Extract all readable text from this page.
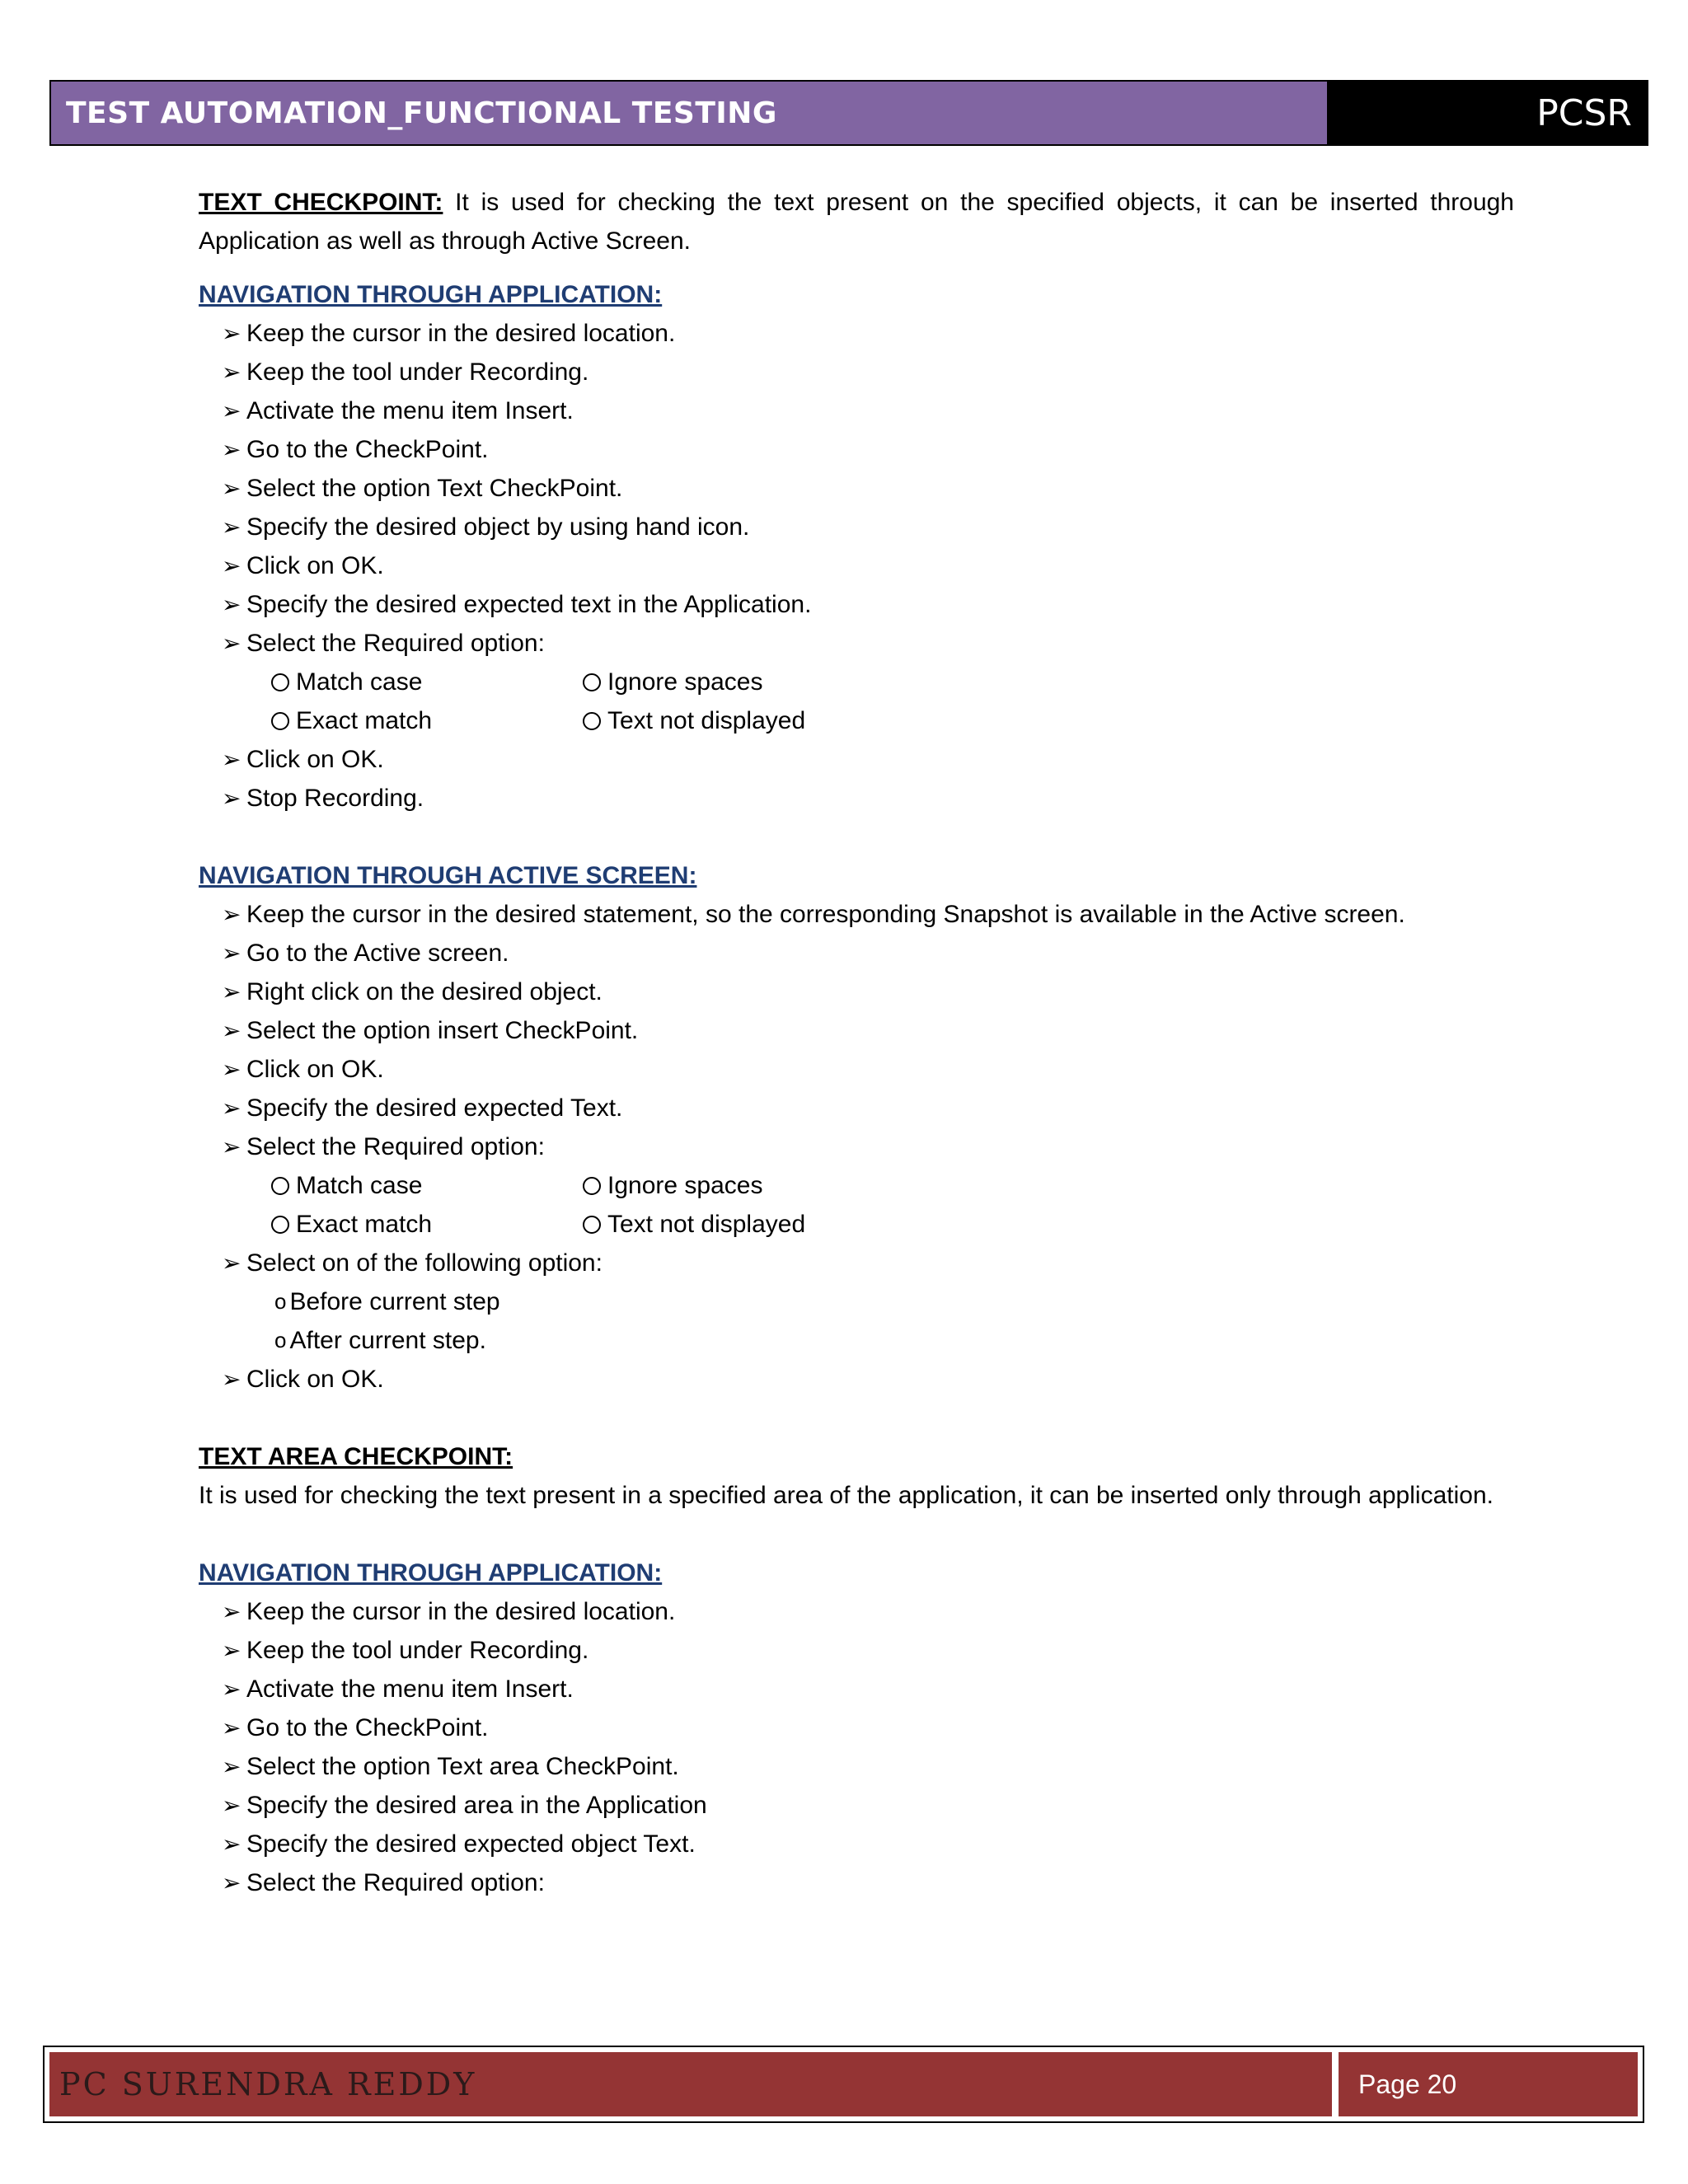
TEST AUTOMATION_FUNCTIONAL TESTING	PCSR

TEXT CHECKPOINT: It is used for checking the text present on the specified objects, it can be inserted through Application as well as through Active Screen.

NAVIGATION THROUGH APPLICATION:

➢ Keep the cursor in the desired location.
➢ Keep the tool under Recording.
➢ Activate the menu item Insert.
➢ Go to the CheckPoint.
➢ Select the option Text CheckPoint.
➢ Specify the desired object by using hand icon.
➢ Click on OK.
➢ Specify the desired expected text in the Application.
➢ Select the Required option:
Match case	Ignore spaces
Exact match	Text not displayed
➢ Click on OK.
➢ Stop Recording.

NAVIGATION THROUGH ACTIVE SCREEN:

➢ Keep the cursor in the desired statement, so the corresponding Snapshot is available in the Active screen.
➢ Go to the Active screen.
➢ Right click on the desired object.
➢ Select the option insert CheckPoint.
➢ Click on OK.
➢ Specify the desired expected Text.
➢ Select the Required option:
Match case	Ignore spaces
Exact match	Text not displayed
➢ Select on of the following option:
o Before current step
o After current step.
➢ Click on OK.

TEXT AREA CHECKPOINT:

It is used for checking the text present in a specified area of the application, it can be inserted only through application.

NAVIGATION THROUGH APPLICATION:

➢ Keep the cursor in the desired location.
➢ Keep the tool under Recording.
➢ Activate the menu item Insert.
➢ Go to the CheckPoint.
➢ Select the option Text area CheckPoint.
➢ Specify the desired area in the Application
➢ Specify the desired expected object Text.
➢ Select the Required option:
PC SURENDRA REDDY	Page 20
